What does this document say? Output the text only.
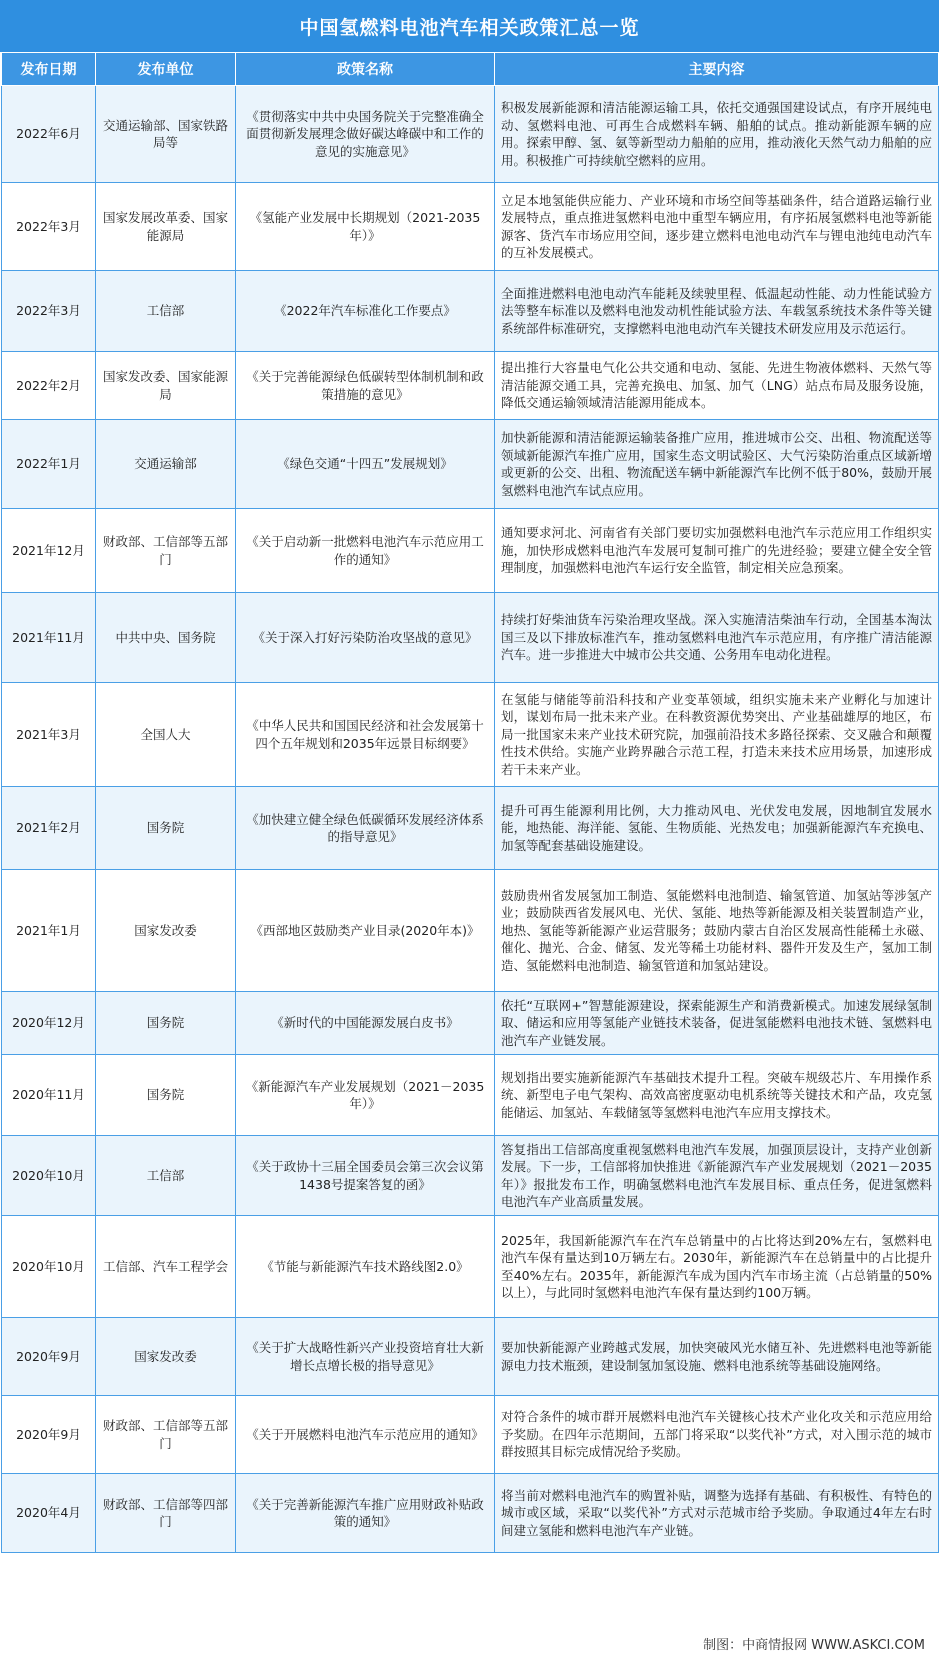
中国氢燃料电池汽车相关政策汇总一览
发布日期	发布单位	政策名称	主要内容
2022年6月	交通运输部、国家铁路局等	《贯彻落实中共中央国务院关于完整准确全面贯彻新发展理念做好碳达峰碳中和工作的意见的实施意见》	积极发展新能源和清洁能源运输工具，依托交通强国建设试点，有序开展纯电动、氢燃料电池、可再生合成燃料车辆、船舶的试点。推动新能源车辆的应用。探索甲醇、氢、氨等新型动力船舶的应用，推动液化天然气动力船舶的应用。积极推广可持续航空燃料的应用。
2022年3月	国家发展改革委、国家能源局	《氢能产业发展中长期规划（2021-2035年）》	立足本地氢能供应能力、产业环境和市场空间等基础条件，结合道路运输行业发展特点，重点推进氢燃料电池中重型车辆应用，有序拓展氢燃料电池等新能源客、货汽车市场应用空间，逐步建立燃料电池电动汽车与锂电池纯电动汽车的互补发展模式。
2022年3月	工信部	《2022年汽车标准化工作要点》	全面推进燃料电池电动汽车能耗及续驶里程、低温起动性能、动力性能试验方法等整车标准以及燃料电池发动机性能试验方法、车载氢系统技术条件等关键系统部件标准研究，支撑燃料电池电动汽车关键技术研发应用及示范运行。
2022年2月	国家发改委、国家能源局	《关于完善能源绿色低碳转型体制机制和政策措施的意见》	提出推行大容量电气化公共交通和电动、氢能、先进生物液体燃料、天然气等清洁能源交通工具，完善充换电、加氢、加气（LNG）站点布局及服务设施，降低交通运输领域清洁能源用能成本。
2022年1月	交通运输部	《绿色交通“十四五”发展规划》	加快新能源和清洁能源运输装备推广应用，推进城市公交、出租、物流配送等领域新能源汽车推广应用，国家生态文明试验区、大气污染防治重点区域新增或更新的公交、出租、物流配送车辆中新能源汽车比例不低于80%，鼓励开展氢燃料电池汽车试点应用。
2021年12月	财政部、工信部等五部门	《关于启动新一批燃料电池汽车示范应用工作的通知》	通知要求河北、河南省有关部门要切实加强燃料电池汽车示范应用工作组织实施，加快形成燃料电池汽车发展可复制可推广的先进经验；要建立健全安全管理制度，加强燃料电池汽车运行安全监管，制定相关应急预案。
2021年11月	中共中央、国务院	《关于深入打好污染防治攻坚战的意见》	持续打好柴油货车污染治理攻坚战。深入实施清洁柴油车行动，全国基本淘汰国三及以下排放标准汽车，推动氢燃料电池汽车示范应用，有序推广清洁能源汽车。进一步推进大中城市公共交通、公务用车电动化进程。
2021年3月	全国人大	《中华人民共和国国民经济和社会发展第十四个五年规划和2035年远景目标纲要》	在氢能与储能等前沿科技和产业变革领域，组织实施未来产业孵化与加速计划，谋划布局一批未来产业。在科教资源优势突出、产业基础雄厚的地区，布局一批国家未来产业技术研究院，加强前沿技术多路径探索、交叉融合和颠覆性技术供给。实施产业跨界融合示范工程，打造未来技术应用场景，加速形成若干未来产业。
2021年2月	国务院	《加快建立健全绿色低碳循环发展经济体系的指导意见》	提升可再生能源利用比例，大力推动风电、光伏发电发展，因地制宜发展水能，地热能、海洋能、氢能、生物质能、光热发电；加强新能源汽车充换电、加氢等配套基础设施建设。
2021年1月	国家发改委	《西部地区鼓励类产业目录(2020年本)》	鼓励贵州省发展氢加工制造、氢能燃料电池制造、输氢管道、加氢站等涉氢产业；鼓励陕西省发展风电、光伏、氢能、地热等新能源及相关装置制造产业，地热、氢能等新能源产业运营服务；鼓励内蒙古自治区发展高性能稀土永磁、催化、抛光、合金、储氢、发光等稀土功能材料、器件开发及生产，氢加工制造、氢能燃料电池制造、输氢管道和加氢站建设。
2020年12月	国务院	《新时代的中国能源发展白皮书》	依托“互联网+”智慧能源建设，探索能源生产和消费新模式。加速发展绿氢制取、储运和应用等氢能产业链技术装备，促进氢能燃料电池技术链、氢燃料电池汽车产业链发展。
2020年11月	国务院	《新能源汽车产业发展规划（2021－2035年）》	规划指出要实施新能源汽车基础技术提升工程。突破车规级芯片、车用操作系统、新型电子电气架构、高效高密度驱动电机系统等关键技术和产品，攻克氢能储运、加氢站、车载储氢等氢燃料电池汽车应用支撑技术。
2020年10月	工信部	《关于政协十三届全国委员会第三次会议第1438号提案答复的函》	答复指出工信部高度重视氢燃料电池汽车发展，加强顶层设计，支持产业创新发展。下一步，工信部将加快推进《新能源汽车产业发展规划（2021－2035年）》报批发布工作，明确氢燃料电池汽车发展目标、重点任务，促进氢燃料电池汽车产业高质量发展。
2020年10月	工信部、汽车工程学会	《节能与新能源汽车技术路线图2.0》	2025年，我国新能源汽车在汽车总销量中的占比将达到20%左右，氢燃料电池汽车保有量达到10万辆左右。2030年，新能源汽车在总销量中的占比提升至40%左右。2035年，新能源汽车成为国内汽车市场主流（占总销量的50%以上），与此同时氢燃料电池汽车保有量达到约100万辆。
2020年9月	国家发改委	《关于扩大战略性新兴产业投资培育壮大新增长点增长极的指导意见》	要加快新能源产业跨越式发展，加快突破风光水储互补、先进燃料电池等新能源电力技术瓶颈，建设制氢加氢设施、燃料电池系统等基础设施网络。
2020年9月	财政部、工信部等五部门	《关于开展燃料电池汽车示范应用的通知》	对符合条件的城市群开展燃料电池汽车关键核心技术产业化攻关和示范应用给予奖励。在四年示范期间，五部门将采取“以奖代补”方式，对入围示范的城市群按照其目标完成情况给予奖励。
2020年4月	财政部、工信部等四部门	《关于完善新能源汽车推广应用财政补贴政策的通知》	将当前对燃料电池汽车的购置补贴，调整为选择有基础、有积极性、有特色的城市或区域，采取“以奖代补”方式对示范城市给予奖励。争取通过4年左右时间建立氢能和燃料电池汽车产业链。
制图：中商情报网 WWW.ASKCI.COM
